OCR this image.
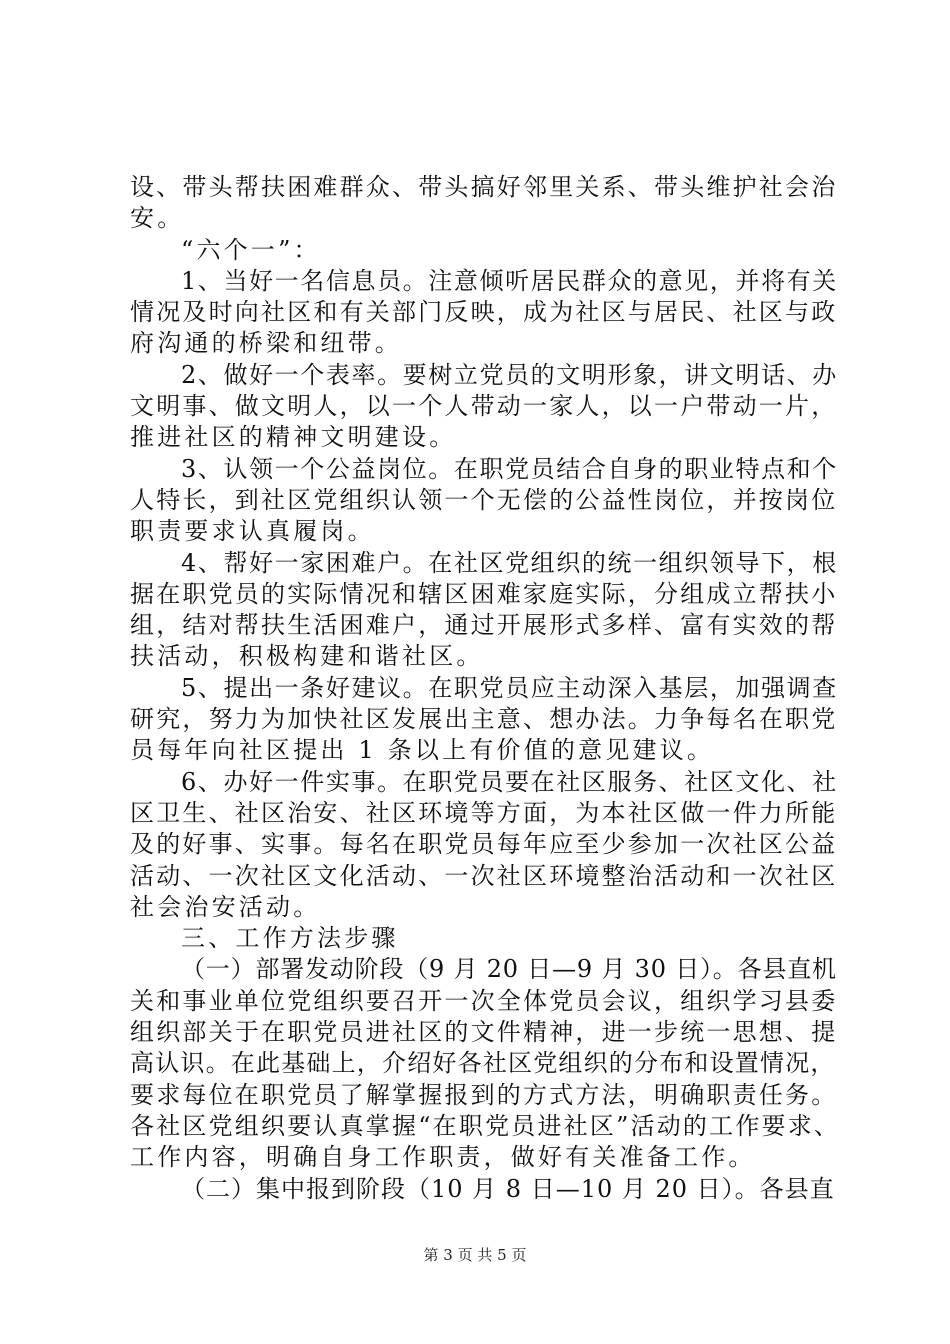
设、带头帮扶困难群众、带头搞好邻里关系、带头维护社会治
安。
“六个一”：
1、当好一名信息员。注意倾听居民群众的意见，并将有关
情况及时向社区和有关部门反映，成为社区与居民、社区与政
府沟通的桥梁和纽带。
2、做好一个表率。要树立党员的文明形象，讲文明话、办
文明事、做文明人，以一个人带动一家人，以一户带动一片，
推进社区的精神文明建设。
3、认领一个公益岗位。在职党员结合自身的职业特点和个
人特长，到社区党组织认领一个无偿的公益性岗位，并按岗位
职责要求认真履岗。
4、帮好一家困难户。在社区党组织的统一组织领导下，根
据在职党员的实际情况和辖区困难家庭实际，分组成立帮扶小
组，结对帮扶生活困难户，通过开展形式多样、富有实效的帮
扶活动，积极构建和谐社区。
5、提出一条好建议。在职党员应主动深入基层，加强调查
研究，努力为加快社区发展出主意、想办法。力争每名在职党
员每年向社区提出 1 条以上有价值的意见建议。
6、办好一件实事。在职党员要在社区服务、社区文化、社
区卫生、社区治安、社区环境等方面，为本社区做一件力所能
及的好事、实事。每名在职党员每年应至少参加一次社区公益
活动、一次社区文化活动、一次社区环境整治活动和一次社区
社会治安活动。
三、工作方法步骤
（一）部署发动阶段（9 月 20 日—9 月 30 日）。各县直机
关和事业单位党组织要召开一次全体党员会议，组织学习县委
组织部关于在职党员进社区的文件精神，进一步统一思想、提
高认识。在此基础上，介绍好各社区党组织的分布和设置情况，
要求每位在职党员了解掌握报到的方式方法，明确职责任务。
各社区党组织要认真掌握“在职党员进社区”活动的工作要求、
工作内容，明确自身工作职责，做好有关准备工作。
（二）集中报到阶段（10 月 8 日—10 月 20 日）。各县直
第 3 页 共 5 页
